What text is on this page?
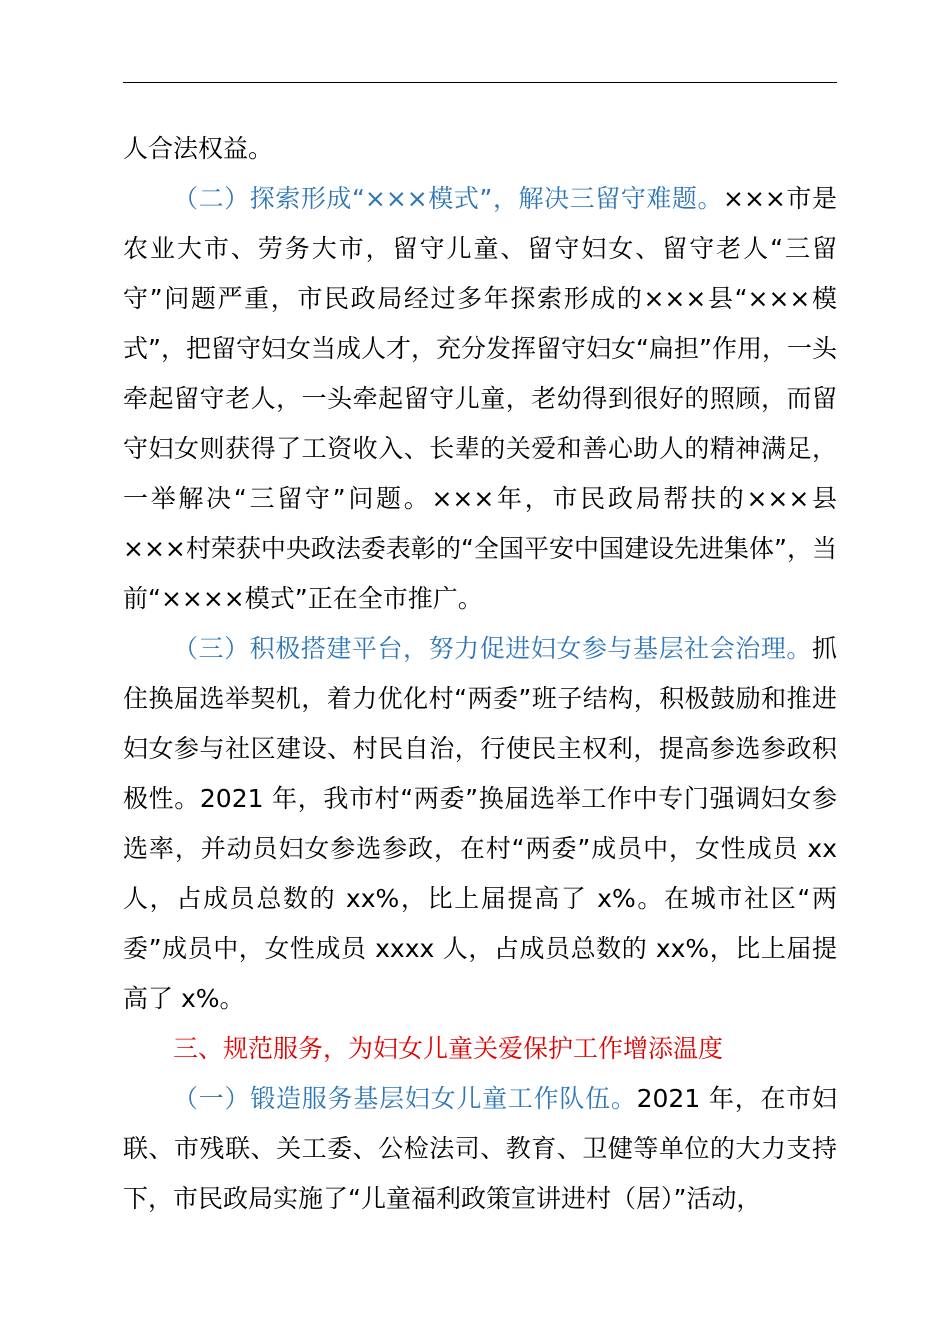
人合法权益。

（二）探索形成“×××模式”，解决三留守难题。×××市是农业大市、劳务大市，留守儿童、留守妇女、留守老人“三留守”问题严重，市民政局经过多年探索形成的×××县“×××模式”，把留守妇女当成人才，充分发挥留守妇女“扁担”作用，一头牵起留守老人，一头牵起留守儿童，老幼得到很好的照顾，而留守妇女则获得了工资收入、长辈的关爱和善心助人的精神满足，一举解决“三留守”问题。×××年，市民政局帮扶的×××县×××村荣获中央政法委表彰的“全国平安中国建设先进集体”，当前“××××模式”正在全市推广。

（三）积极搭建平台，努力促进妇女参与基层社会治理。抓住换届选举契机，着力优化村“两委”班子结构，积极鼓励和推进妇女参与社区建设、村民自治，行使民主权利，提高参选参政积极性。2021 年，我市村“两委”换届选举工作中专门强调妇女参选率，并动员妇女参选参政，在村“两委”成员中，女性成员 xx 人，占成员总数的 xx%，比上届提高了 x%。在城市社区“两委”成员中，女性成员 xxxx 人，占成员总数的 xx%，比上届提高了 x%。

三、规范服务，为妇女儿童关爱保护工作增添温度

（一）锻造服务基层妇女儿童工作队伍。2021 年，在市妇联、市残联、关工委、公检法司、教育、卫健等单位的大力支持下，市民政局实施了“儿童福利政策宣讲进村（居）”活动，
